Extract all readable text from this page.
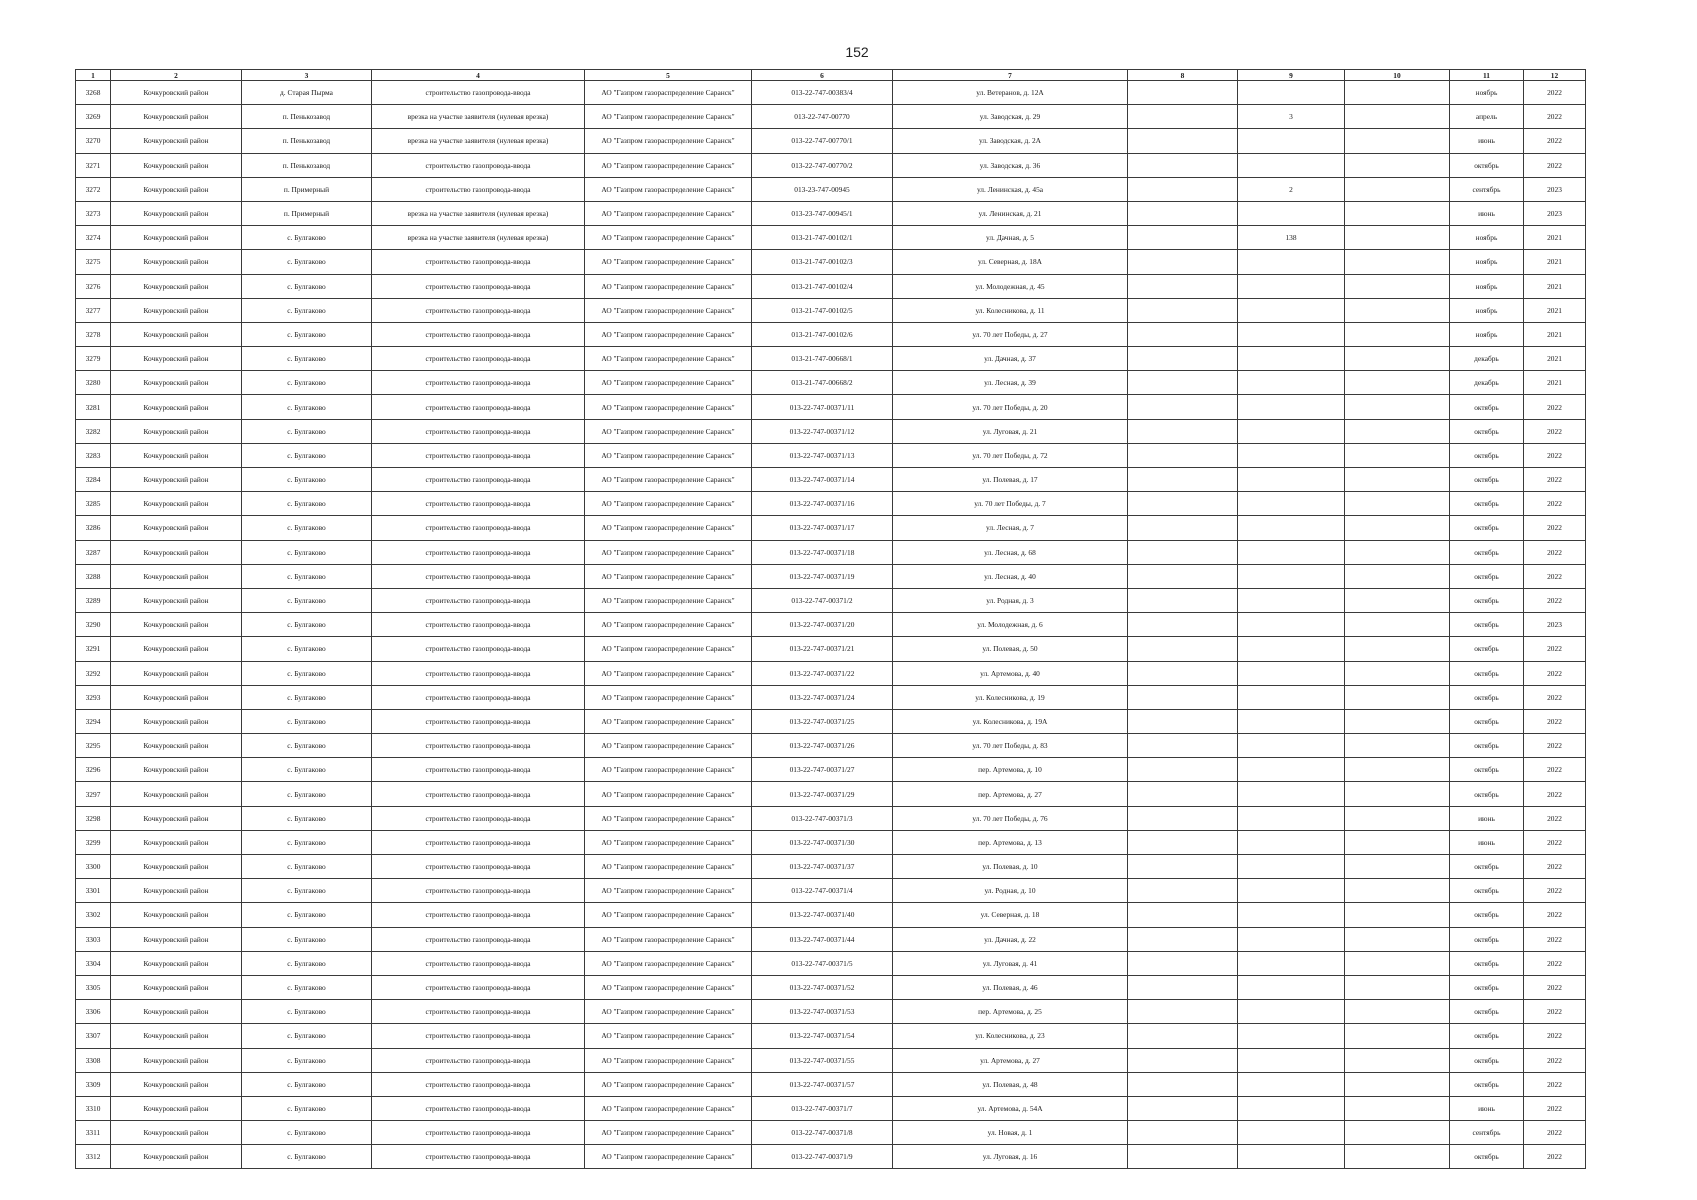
152
1	2	3	4	5	6	7	8	9	10	11	12
3268	Кочкуровский район	д. Старая Пырма	строительство газопровода-ввода	АО "Газпром газораспределение Саранск"	013-22-747-00383/4	ул. Ветеранов, д. 12А				ноябрь	2022
3269	Кочкуровский район	п. Пенькозавод	врезка на участке заявителя (нулевая врезка)	АО "Газпром газораспределение Саранск"	013-22-747-00770	ул. Заводская, д. 29		3		апрель	2022
3270	Кочкуровский район	п. Пенькозавод	врезка на участке заявителя (нулевая врезка)	АО "Газпром газораспределение Саранск"	013-22-747-00770/1	ул. Заводская, д. 2А				июнь	2022
3271	Кочкуровский район	п. Пенькозавод	строительство газопровода-ввода	АО "Газпром газораспределение Саранск"	013-22-747-00770/2	ул. Заводская, д. 36				октябрь	2022
3272	Кочкуровский район	п. Примерный	строительство газопровода-ввода	АО "Газпром газораспределение Саранск"	013-23-747-00945	ул. Ленинская, д. 45а		2		сентябрь	2023
3273	Кочкуровский район	п. Примерный	врезка на участке заявителя (нулевая врезка)	АО "Газпром газораспределение Саранск"	013-23-747-00945/1	ул. Ленинская, д. 21				июнь	2023
3274	Кочкуровский район	с. Булгаково	врезка на участке заявителя (нулевая врезка)	АО "Газпром газораспределение Саранск"	013-21-747-00102/1	ул. Дачная, д. 5		138		ноябрь	2021
3275	Кочкуровский район	с. Булгаково	строительство газопровода-ввода	АО "Газпром газораспределение Саранск"	013-21-747-00102/3	ул. Северная, д. 18А				ноябрь	2021
3276	Кочкуровский район	с. Булгаково	строительство газопровода-ввода	АО "Газпром газораспределение Саранск"	013-21-747-00102/4	ул. Молодежная, д. 45				ноябрь	2021
3277	Кочкуровский район	с. Булгаково	строительство газопровода-ввода	АО "Газпром газораспределение Саранск"	013-21-747-00102/5	ул. Колесникова, д. 11				ноябрь	2021
3278	Кочкуровский район	с. Булгаково	строительство газопровода-ввода	АО "Газпром газораспределение Саранск"	013-21-747-00102/6	ул. 70 лет Победы, д. 27				ноябрь	2021
3279	Кочкуровский район	с. Булгаково	строительство газопровода-ввода	АО "Газпром газораспределение Саранск"	013-21-747-00668/1	ул. Дачная, д. 37				декабрь	2021
3280	Кочкуровский район	с. Булгаково	строительство газопровода-ввода	АО "Газпром газораспределение Саранск"	013-21-747-00668/2	ул. Лесная, д. 39				декабрь	2021
3281	Кочкуровский район	с. Булгаково	строительство газопровода-ввода	АО "Газпром газораспределение Саранск"	013-22-747-00371/11	ул. 70 лет Победы, д. 20				октябрь	2022
3282	Кочкуровский район	с. Булгаково	строительство газопровода-ввода	АО "Газпром газораспределение Саранск"	013-22-747-00371/12	ул. Луговая, д. 21				октябрь	2022
3283	Кочкуровский район	с. Булгаково	строительство газопровода-ввода	АО "Газпром газораспределение Саранск"	013-22-747-00371/13	ул. 70 лет Победы, д. 72				октябрь	2022
3284	Кочкуровский район	с. Булгаково	строительство газопровода-ввода	АО "Газпром газораспределение Саранск"	013-22-747-00371/14	ул. Полевая, д. 17				октябрь	2022
3285	Кочкуровский район	с. Булгаково	строительство газопровода-ввода	АО "Газпром газораспределение Саранск"	013-22-747-00371/16	ул. 70 лет Победы, д. 7				октябрь	2022
3286	Кочкуровский район	с. Булгаково	строительство газопровода-ввода	АО "Газпром газораспределение Саранск"	013-22-747-00371/17	ул. Лесная, д. 7				октябрь	2022
3287	Кочкуровский район	с. Булгаково	строительство газопровода-ввода	АО "Газпром газораспределение Саранск"	013-22-747-00371/18	ул. Лесная, д. 68				октябрь	2022
3288	Кочкуровский район	с. Булгаково	строительство газопровода-ввода	АО "Газпром газораспределение Саранск"	013-22-747-00371/19	ул. Лесная, д. 40				октябрь	2022
3289	Кочкуровский район	с. Булгаково	строительство газопровода-ввода	АО "Газпром газораспределение Саранск"	013-22-747-00371/2	ул. Родная, д. 3				октябрь	2022
3290	Кочкуровский район	с. Булгаково	строительство газопровода-ввода	АО "Газпром газораспределение Саранск"	013-22-747-00371/20	ул. Молодежная, д. 6				октябрь	2023
3291	Кочкуровский район	с. Булгаково	строительство газопровода-ввода	АО "Газпром газораспределение Саранск"	013-22-747-00371/21	ул. Полевая, д. 50				октябрь	2022
3292	Кочкуровский район	с. Булгаково	строительство газопровода-ввода	АО "Газпром газораспределение Саранск"	013-22-747-00371/22	ул. Артемова, д. 40				октябрь	2022
3293	Кочкуровский район	с. Булгаково	строительство газопровода-ввода	АО "Газпром газораспределение Саранск"	013-22-747-00371/24	ул. Колесникова, д. 19				октябрь	2022
3294	Кочкуровский район	с. Булгаково	строительство газопровода-ввода	АО "Газпром газораспределение Саранск"	013-22-747-00371/25	ул. Колесникова, д. 19А				октябрь	2022
3295	Кочкуровский район	с. Булгаково	строительство газопровода-ввода	АО "Газпром газораспределение Саранск"	013-22-747-00371/26	ул. 70 лет Победы, д. 83				октябрь	2022
3296	Кочкуровский район	с. Булгаково	строительство газопровода-ввода	АО "Газпром газораспределение Саранск"	013-22-747-00371/27	пер. Артемова, д. 10				октябрь	2022
3297	Кочкуровский район	с. Булгаково	строительство газопровода-ввода	АО "Газпром газораспределение Саранск"	013-22-747-00371/29	пер. Артемова, д. 27				октябрь	2022
3298	Кочкуровский район	с. Булгаково	строительство газопровода-ввода	АО "Газпром газораспределение Саранск"	013-22-747-00371/3	ул. 70 лет Победы, д. 76				июнь	2022
3299	Кочкуровский район	с. Булгаково	строительство газопровода-ввода	АО "Газпром газораспределение Саранск"	013-22-747-00371/30	пер. Артемова, д. 13				июнь	2022
3300	Кочкуровский район	с. Булгаково	строительство газопровода-ввода	АО "Газпром газораспределение Саранск"	013-22-747-00371/37	ул. Полевая, д. 10				октябрь	2022
3301	Кочкуровский район	с. Булгаково	строительство газопровода-ввода	АО "Газпром газораспределение Саранск"	013-22-747-00371/4	ул. Родная, д. 10				октябрь	2022
3302	Кочкуровский район	с. Булгаково	строительство газопровода-ввода	АО "Газпром газораспределение Саранск"	013-22-747-00371/40	ул. Северная, д. 18				октябрь	2022
3303	Кочкуровский район	с. Булгаково	строительство газопровода-ввода	АО "Газпром газораспределение Саранск"	013-22-747-00371/44	ул. Дачная, д. 22				октябрь	2022
3304	Кочкуровский район	с. Булгаково	строительство газопровода-ввода	АО "Газпром газораспределение Саранск"	013-22-747-00371/5	ул. Луговая, д. 41				октябрь	2022
3305	Кочкуровский район	с. Булгаково	строительство газопровода-ввода	АО "Газпром газораспределение Саранск"	013-22-747-00371/52	ул. Полевая, д. 46				октябрь	2022
3306	Кочкуровский район	с. Булгаково	строительство газопровода-ввода	АО "Газпром газораспределение Саранск"	013-22-747-00371/53	пер. Артемова, д. 25				октябрь	2022
3307	Кочкуровский район	с. Булгаково	строительство газопровода-ввода	АО "Газпром газораспределение Саранск"	013-22-747-00371/54	ул. Колесникова, д. 23				октябрь	2022
3308	Кочкуровский район	с. Булгаково	строительство газопровода-ввода	АО "Газпром газораспределение Саранск"	013-22-747-00371/55	ул. Артемова, д. 27				октябрь	2022
3309	Кочкуровский район	с. Булгаково	строительство газопровода-ввода	АО "Газпром газораспределение Саранск"	013-22-747-00371/57	ул. Полевая, д. 48				октябрь	2022
3310	Кочкуровский район	с. Булгаково	строительство газопровода-ввода	АО "Газпром газораспределение Саранск"	013-22-747-00371/7	ул. Артемова, д. 54А				июнь	2022
3311	Кочкуровский район	с. Булгаково	строительство газопровода-ввода	АО "Газпром газораспределение Саранск"	013-22-747-00371/8	ул. Новая, д. 1				сентябрь	2022
3312	Кочкуровский район	с. Булгаково	строительство газопровода-ввода	АО "Газпром газораспределение Саранск"	013-22-747-00371/9	ул. Луговая, д. 16				октябрь	2022
